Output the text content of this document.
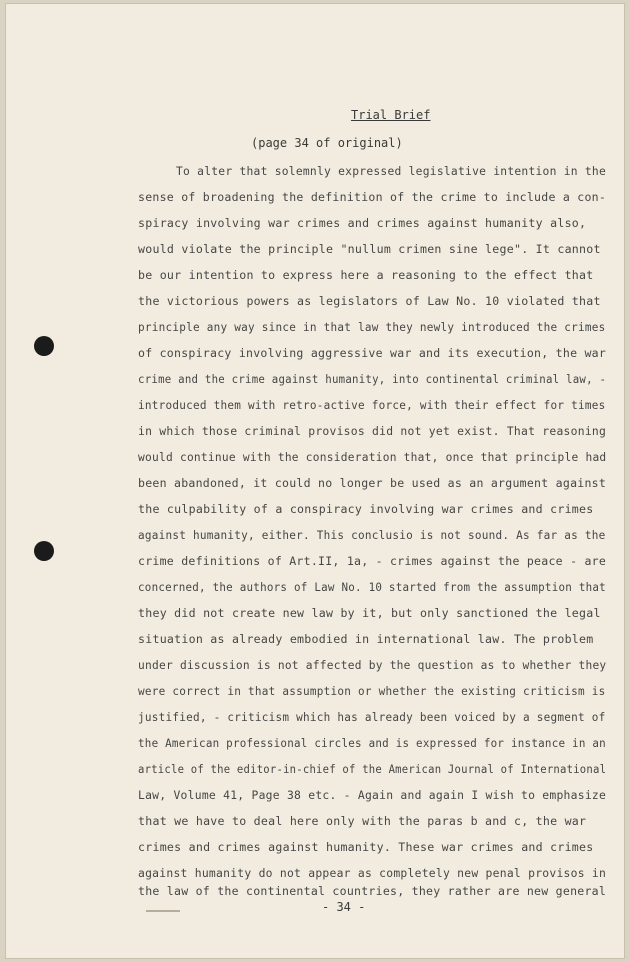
Trial Brief
(page 34 of original)
To alter that solemnly expressed legislative intention in the
sense of broadening the definition of the crime to include a con-
spiracy involving war crimes and crimes against humanity also,
would violate the principle "nullum crimen sine lege". It cannot
be our intention to express here a reasoning to the effect that
the victorious powers as legislators of Law No. 10 violated that
principle any way since in that law they newly introduced the crimes
of conspiracy involving aggressive war and its execution, the war
crime and the crime against humanity, into continental criminal law, -
introduced them with retro-active force, with their effect for times
in which those criminal provisos did not yet exist. That reasoning
would continue with the consideration that, once that principle had
been abandoned, it could no longer be used as an argument against
the culpability of a conspiracy involving war crimes and crimes
against humanity, either. This conclusio is not sound. As far as the
crime definitions of Art.II, 1a, - crimes against the peace - are
concerned, the authors of Law No. 10 started from the assumption that
they did not create new law by it, but only sanctioned the legal
situation as already embodied in international law. The problem
under discussion is not affected by the question as to whether they
were correct in that assumption or whether the existing criticism is
justified, - criticism which has already been voiced by a segment of
the American professional circles and is expressed for instance in an
article of the editor-in-chief of the American Journal of International
Law, Volume 41, Page 38 etc. - Again and again I wish to emphasize
that we have to deal here only with the paras b and c, the war
crimes and crimes against humanity. These war crimes and crimes
against humanity do not appear as completely new penal provisos in
the law of the continental countries, they rather are new general
- 34 -
